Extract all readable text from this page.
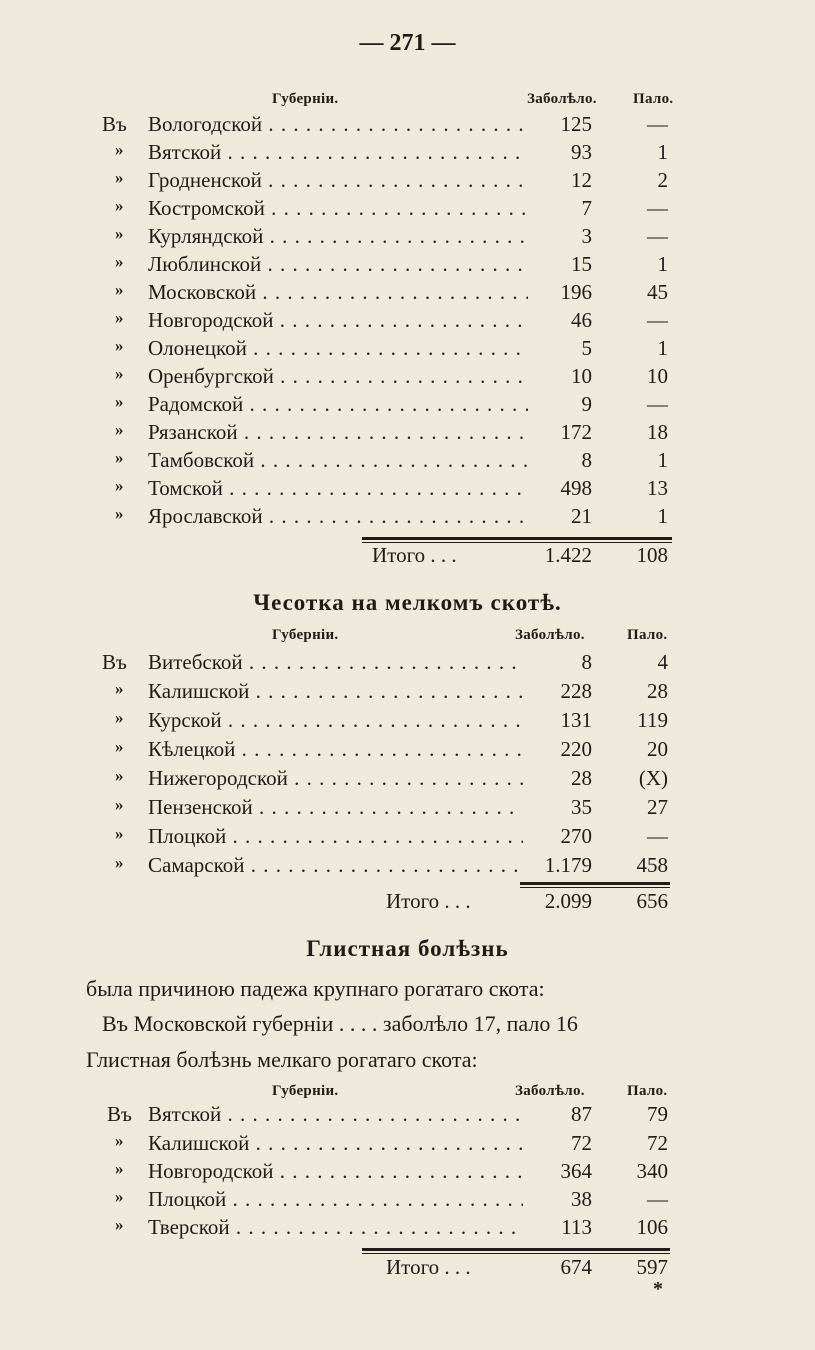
— 271 —
Губерніи.	Заболѣло. Пало.
Въ Вологодской . . .	125	—
» Вятской . . .	93	1
» Гродненской . . .	12	2
» Костромской . . .	7	—
» Курляндской . . .	3	—
» Люблинской . . .	15	1
» Московской . . .	196	45
» Новгородской . . .	46	—
» Олонецкой . . .	5	1
» Оренбургской . . .	10	10
» Радомской . . .	9	—
» Рязанской . . .	172	18
» Тамбовской . . .	8	1
» Томской . . .	498	13
» Ярославской . . .	21	1
Итого . . .	1.422	108
Чесотка на мелкомъ скотѣ.
Губерніи.	Заболѣло.	Пало.
Въ Витебской . . .	8	4
» Калишской . . .	228	28
» Курской . . .	131	119
» Кѣлецкой . . .	220	20
» Нижегородской . . .	28	(X)
» Пензенской . . .	35	27
» Плоцкой . . .	270	—
» Самарской . . .	1.179	458
Итого . . .	2.099	656
Глистная болѣзнь
была причиною падежа крупнаго рогатаго скота:
Въ Московской губерніи . . . . заболѣло 17, пало 16
Глистная болѣзнь мелкаго рогатаго скота:
Губерніи.	Заболѣло.	Пало.
Въ Вятской . . .	87	79
» Калишской . . .	72	72
» Новгородской . . .	364	340
» Плоцкой . . .	38	—
» Тверской . . .	113	106
Итого . . .	674	597
*
